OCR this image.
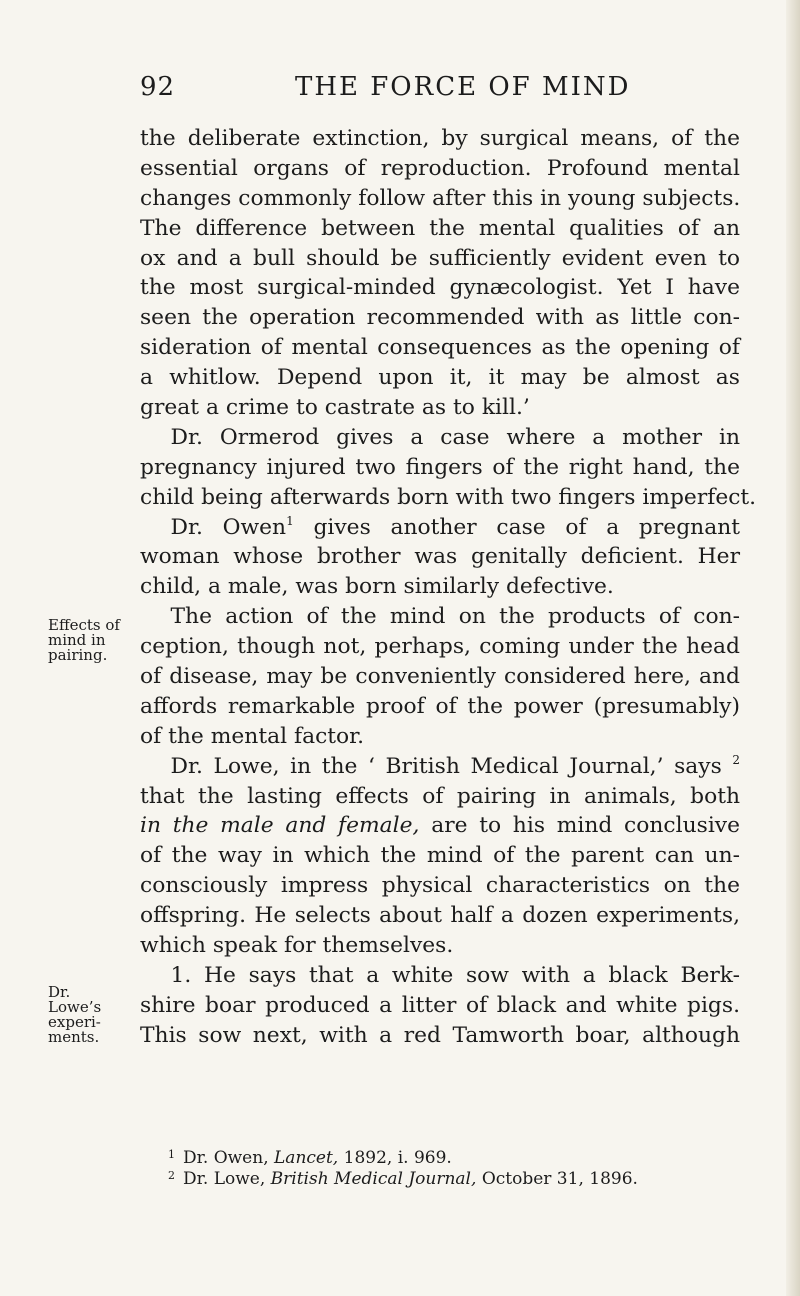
92	THE FORCE OF MIND
the deliberate extinction, by surgical means, of the
essential organs of reproduction. Profound mental
changes commonly follow after this in young subjects.
The difference between the mental qualities of an
ox and a bull should be sufficiently evident even to
the most surgical-minded gynæcologist. Yet I have
seen the operation recommended with as little con-
sideration of mental consequences as the opening of
a whitlow. Depend upon it, it may be almost as
great a crime to castrate as to kill.’
Dr. Ormerod gives a case where a mother in
pregnancy injured two fingers of the right hand, the
child being afterwards born with two fingers imperfect.
Dr. Owen$^1$ gives another case of a pregnant
woman whose brother was genitally deficient. Her
child, a male, was born similarly defective.
The action of the mind on the products of con-
ception, though not, perhaps, coming under the head
of disease, may be conveniently considered here, and
affords remarkable proof of the power (presumably)
of the mental factor.
Dr. Lowe, in the ‘ British Medical Journal,’ says $^2$
that the lasting effects of pairing in animals, both
in the male and female, are to his mind conclusive
of the way in which the mind of the parent can un-
consciously impress physical characteristics on the
offspring. He selects about half a dozen experiments,
which speak for themselves.
1. He says that a white sow with a black Berk-
shire boar produced a litter of black and white pigs.
This sow next, with a red Tamworth boar, although
Effects of
mind in
pairing.
Dr.
Lowe’s
experi-
ments.
$^1$ Dr. Owen, Lancet, 1892, i. 969.
$^2$ Dr. Lowe, British Medical Journal, October 31, 1896.
